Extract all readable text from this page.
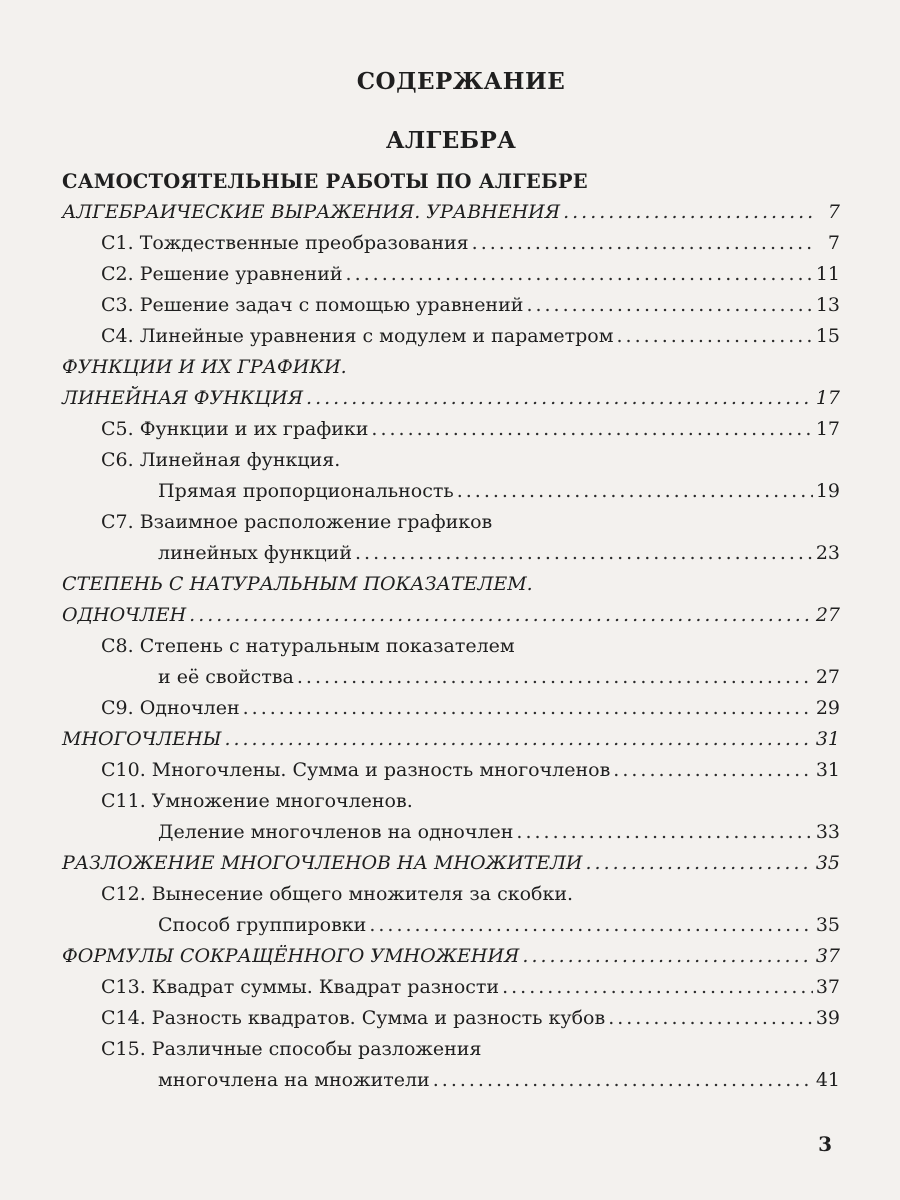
СОДЕРЖАНИЕ
АЛГЕБРА
САМОСТОЯТЕЛЬНЫЕ РАБОТЫ ПО АЛГЕБРЕ
АЛГЕБРАИЧЕСКИЕ ВЫРАЖЕНИЯ. УРАВНЕНИЯ .....	7
С1. Тождественные преобразования .....	7
С2. Решение уравнений .....	11
С3. Решение задач с помощью уравнений .....	13
С4. Линейные уравнения с модулем и параметром .....	15
ФУНКЦИИ И ИХ ГРАФИКИ.
ЛИНЕЙНАЯ ФУНКЦИЯ .....	17
С5. Функции и их графики .....	17
С6. Линейная функция.
Прямая пропорциональность .....	19
С7. Взаимное расположение графиков
линейных функций .....	23
СТЕПЕНЬ С НАТУРАЛЬНЫМ ПОКАЗАТЕЛЕМ.
ОДНОЧЛЕН .....	27
С8. Степень с натуральным показателем
и её свойства .....	27
С9. Одночлен .....	29
МНОГОЧЛЕНЫ .....	31
С10. Многочлены. Сумма и разность многочленов .....	31
С11. Умножение многочленов.
Деление многочленов на одночлен .....	33
РАЗЛОЖЕНИЕ МНОГОЧЛЕНОВ НА МНОЖИТЕЛИ .....	35
С12. Вынесение общего множителя за скобки.
Способ группировки .....	35
ФОРМУЛЫ СОКРАЩЁННОГО УМНОЖЕНИЯ .....	37
С13. Квадрат суммы. Квадрат разности .....	37
С14. Разность квадратов. Сумма и разность кубов .....	39
С15. Различные способы разложения
многочлена на множители .....	41
3
